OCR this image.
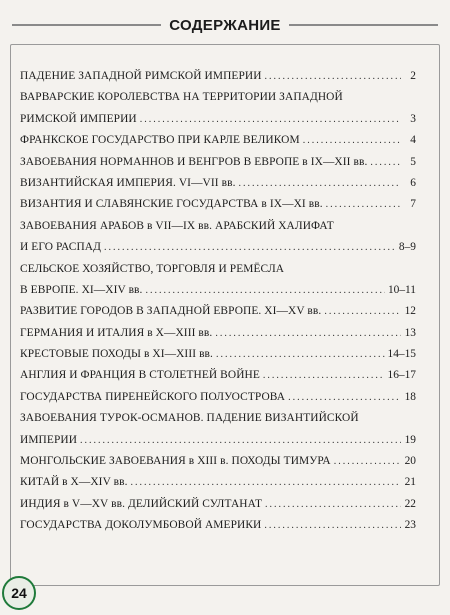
СОДЕРЖАНИЕ
ПАДЕНИЕ ЗАПАДНОЙ РИМСКОЙ ИМПЕРИИ .....	2
ВАРВАРСКИЕ КОРОЛЕВСТВА НА ТЕРРИТОРИИ ЗАПАДНОЙ
РИМСКОЙ ИМПЕРИИ .....	3
ФРАНКСКОЕ ГОСУДАРСТВО ПРИ КАРЛЕ ВЕЛИКОМ .....	4
ЗАВОЕВАНИЯ НОРМАННОВ И ВЕНГРОВ В ЕВРОПЕ в IX—XII вв. .....	5
ВИЗАНТИЙСКАЯ ИМПЕРИЯ. VI—VII вв. .....	6
ВИЗАНТИЯ И СЛАВЯНСКИЕ ГОСУДАРСТВА в IX—XI вв. .....	7
ЗАВОЕВАНИЯ АРАБОВ в VII—IX вв. АРАБСКИЙ ХАЛИФАТ
И ЕГО РАСПАД .....	8–9
СЕЛЬСКОЕ ХОЗЯЙСТВО, ТОРГОВЛЯ И РЕМЁСЛА
В ЕВРОПЕ. XI—XIV вв. .....	10–11
РАЗВИТИЕ ГОРОДОВ В ЗАПАДНОЙ ЕВРОПЕ. XI—XV вв. .....	12
ГЕРМАНИЯ И ИТАЛИЯ в X—XIII вв. .....	13
КРЕСТОВЫЕ ПОХОДЫ в XI—XIII вв. .....	14–15
АНГЛИЯ И ФРАНЦИЯ В СТОЛЕТНЕЙ ВОЙНЕ .....	16–17
ГОСУДАРСТВА ПИРЕНЕЙСКОГО ПОЛУОСТРОВА .....	18
ЗАВОЕВАНИЯ ТУРОК-ОСМАНОВ. ПАДЕНИЕ ВИЗАНТИЙСКОЙ
ИМПЕРИИ .....	19
МОНГОЛЬСКИЕ ЗАВОЕВАНИЯ в XIII в. ПОХОДЫ ТИМУРА .....	20
КИТАЙ в X—XIV вв. .....	21
ИНДИЯ в V—XV вв. ДЕЛИЙСКИЙ СУЛТАНАТ .....	22
ГОСУДАРСТВА ДОКОЛУМБОВОЙ АМЕРИКИ .....	23
24
